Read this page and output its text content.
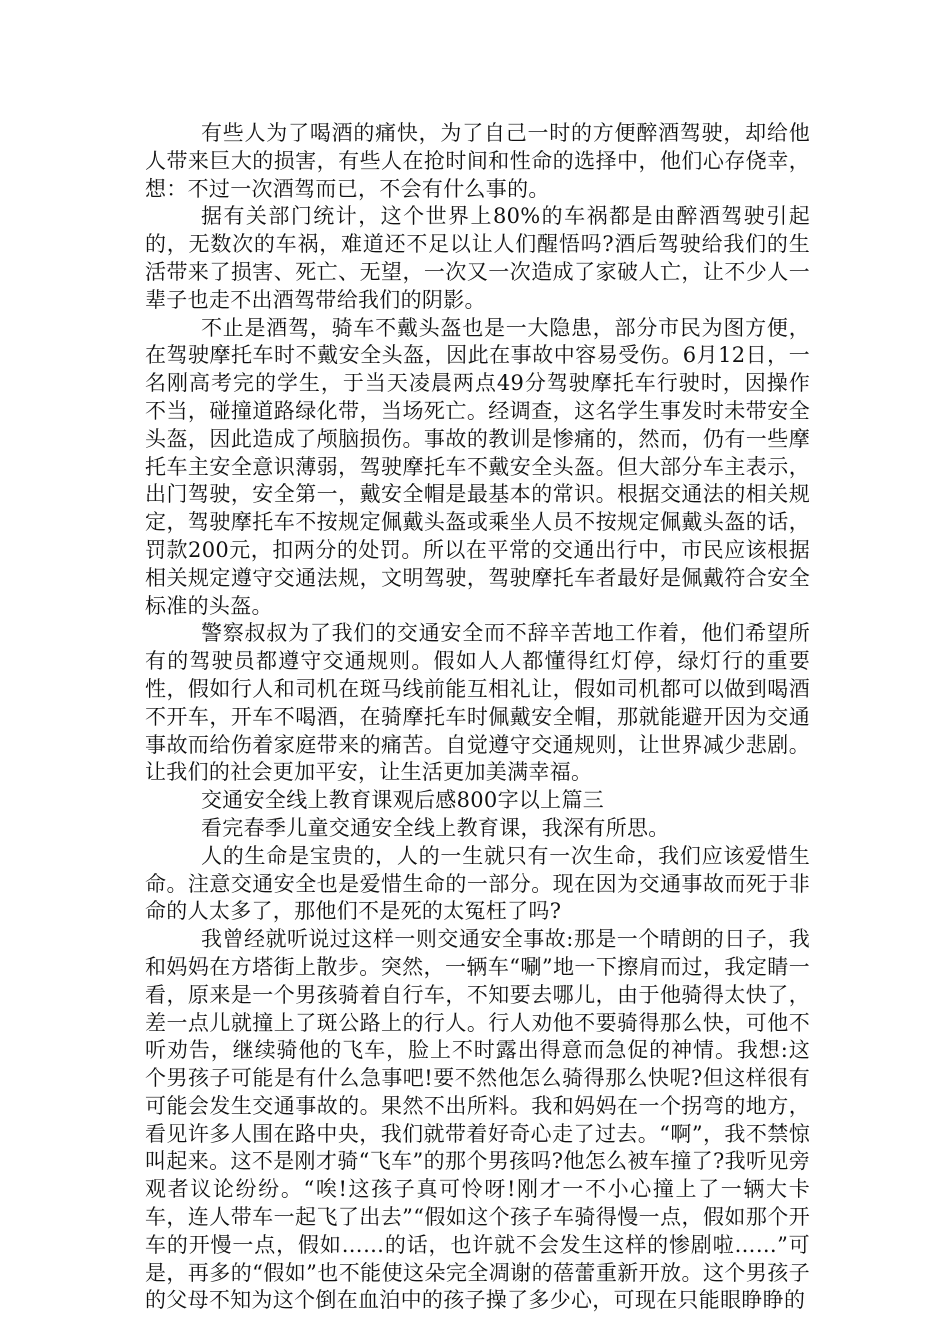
有些人为了喝酒的痛快，为了自己一时的方便醉酒驾驶，却给他人带来巨大的损害，有些人在抢时间和性命的选择中，他们心存侥幸，想：不过一次酒驾而已，不会有什么事的。

据有关部门统计，这个世界上80%的车祸都是由醉酒驾驶引起的，无数次的车祸，难道还不足以让人们醒悟吗?酒后驾驶给我们的生活带来了损害、死亡、无望，一次又一次造成了家破人亡，让不少人一辈子也走不出酒驾带给我们的阴影。

不止是酒驾，骑车不戴头盔也是一大隐患，部分市民为图方便，在驾驶摩托车时不戴安全头盔，因此在事故中容易受伤。6月12日，一名刚高考完的学生，于当天凌晨两点49分驾驶摩托车行驶时，因操作不当，碰撞道路绿化带，当场死亡。经调查，这名学生事发时未带安全头盔，因此造成了颅脑损伤。事故的教训是惨痛的，然而，仍有一些摩托车主安全意识薄弱，驾驶摩托车不戴安全头盔。但大部分车主表示，出门驾驶，安全第一，戴安全帽是最基本的常识。根据交通法的相关规定，驾驶摩托车不按规定佩戴头盔或乘坐人员不按规定佩戴头盔的话，罚款200元，扣两分的处罚。所以在平常的交通出行中，市民应该根据相关规定遵守交通法规，文明驾驶，驾驶摩托车者最好是佩戴符合安全标准的头盔。

警察叔叔为了我们的交通安全而不辞辛苦地工作着，他们希望所有的驾驶员都遵守交通规则。假如人人都懂得红灯停，绿灯行的重要性，假如行人和司机在斑马线前能互相礼让，假如司机都可以做到喝酒不开车，开车不喝酒，在骑摩托车时佩戴安全帽，那就能避开因为交通事故而给伤着家庭带来的痛苦。自觉遵守交通规则，让世界减少悲剧。让我们的社会更加平安，让生活更加美满幸福。

交通安全线上教育课观后感800字以上篇三

看完春季儿童交通安全线上教育课，我深有所思。

人的生命是宝贵的，人的一生就只有一次生命，我们应该爱惜生命。注意交通安全也是爱惜生命的一部分。现在因为交通事故而死于非命的人太多了，那他们不是死的太冤枉了吗?

我曾经就听说过这样一则交通安全事故:那是一个晴朗的日子，我和妈妈在方塔街上散步。突然，一辆车“唰”地一下擦肩而过，我定睛一看，原来是一个男孩骑着自行车，不知要去哪儿，由于他骑得太快了，差一点儿就撞上了斑公路上的行人。行人劝他不要骑得那么快，可他不听劝告，继续骑他的飞车，脸上不时露出得意而急促的神情。我想:这个男孩子可能是有什么急事吧!要不然他怎么骑得那么快呢?但这样很有可能会发生交通事故的。果然不出所料。我和妈妈在一个拐弯的地方，看见许多人围在路中央，我们就带着好奇心走了过去。“啊”，我不禁惊叫起来。这不是刚才骑“飞车”的那个男孩吗?他怎么被车撞了?我听见旁观者议论纷纷。“唉!这孩子真可怜呀!刚才一不小心撞上了一辆大卡车，连人带车一起飞了出去”“假如这个孩子车骑得慢一点，假如那个开车的开慢一点，假如……的话，也许就不会发生这样的惨剧啦……”可是，再多的“假如”也不能使这朵完全凋谢的蓓蕾重新开放。这个男孩子的父母不知为这个倒在血泊中的孩子操了多少心，可现在只能眼睁睁的
